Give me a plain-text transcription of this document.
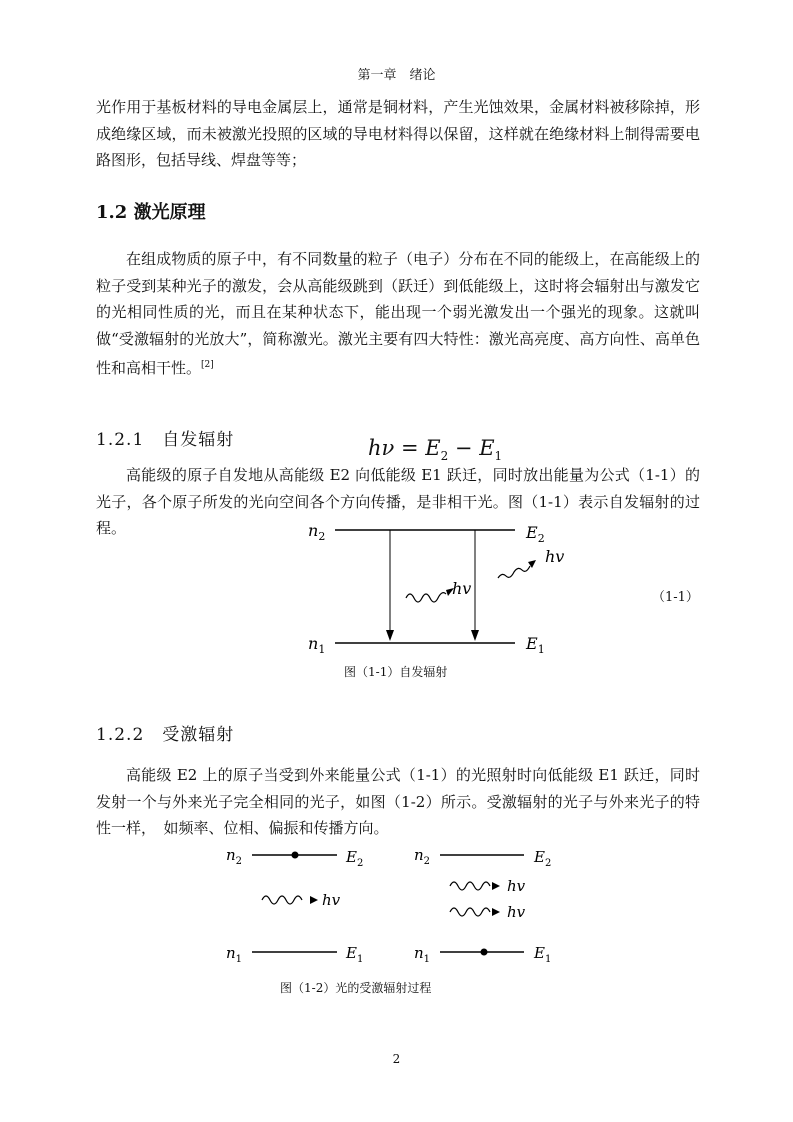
第一章　绪论

光作用于基板材料的导电金属层上，通常是铜材料，产生光蚀效果，金属材料被移除掉，形成绝缘区域，而未被激光投照的区域的导电材料得以保留，这样就在绝缘材料上制得需要电路图形，包括导线、焊盘等等；

1.2 激光原理

在组成物质的原子中，有不同数量的粒子（电子）分布在不同的能级上，在高能级上的粒子受到某种光子的激发，会从高能级跳到（跃迁）到低能级上，这时将会辐射出与激发它的光相同性质的光，而且在某种状态下，能出现一个弱光激发出一个强光的现象。这就叫做“受激辐射的光放大”，简称激光。激光主要有四大特性：激光高亮度、高方向性、高单色性和高相干性。[2]

1.2.1　自发辐射	$h\nu = E_2 - E_1$

高能级的原子自发地从高能级 E2 向低能级 E1 跃迁，同时放出能量为公式（1-1）的光子，各个原子所发的光向空间各个方向传播，是非相干光。图（1-1）表示自发辐射的过程。	$n_2$
$n_1$
$E_2$
$E_1$
hv
hv
（1-1）
图（1-1）自发辐射
1.2.2　受激辐射

高能级 E2 上的原子当受到外来能量公式（1-1）的光照射时向低能级 E1 跃迁，同时发射一个与外来光子完全相同的光子，如图（1-2）所示。受激辐射的光子与外来光子的特性一样，　如频率、位相、偏振和传播方向。

$n_2$	$E_2$
$n_1$	$E_1$
hv
$n_2$	$E_2$
$n_1$	$E_1$
hv
hv
图（1-2）光的受激辐射过程
2
